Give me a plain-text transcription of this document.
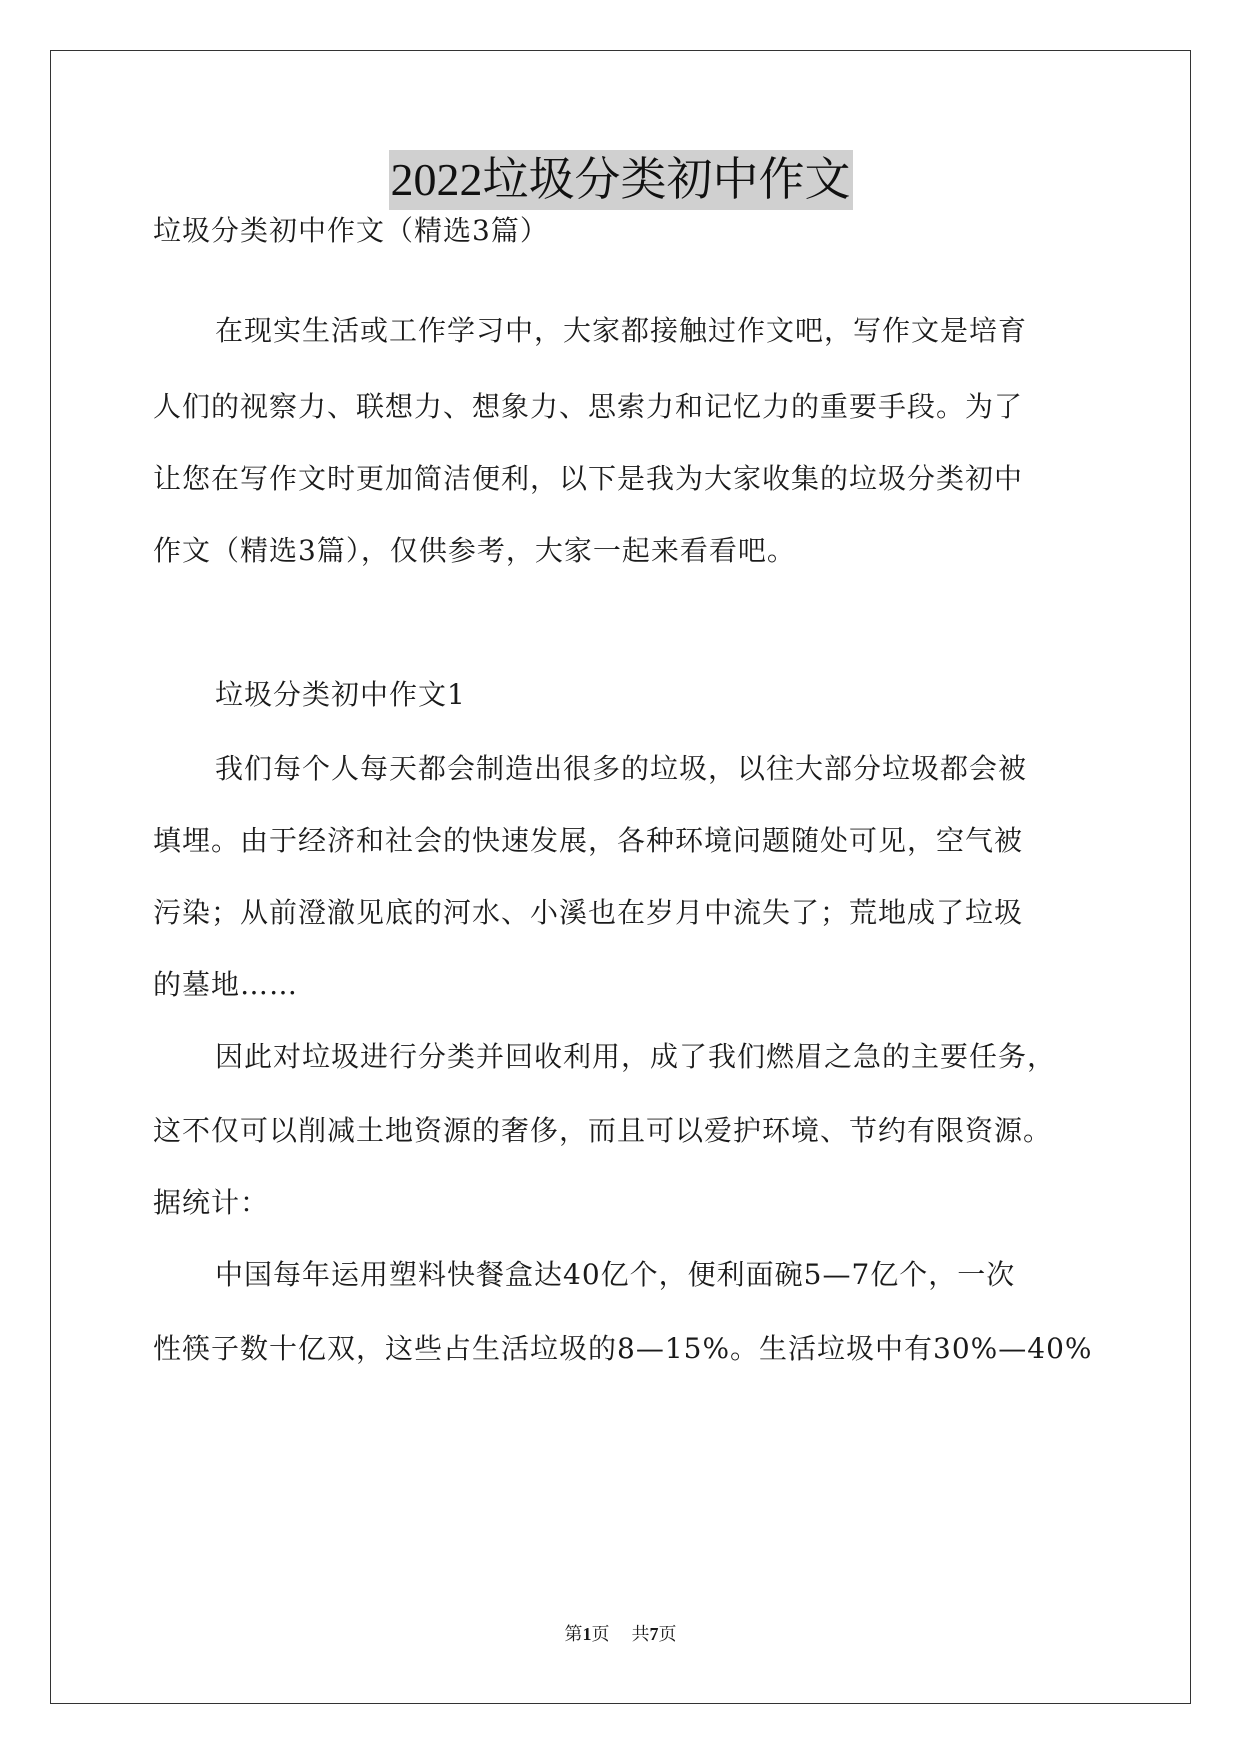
2022垃圾分类初中作文
垃圾分类初中作文（精选3篇）
在现实生活或工作学习中，大家都接触过作文吧，写作文是培育
人们的视察力、联想力、想象力、思索力和记忆力的重要手段。为了
让您在写作文时更加简洁便利，以下是我为大家收集的垃圾分类初中
作文（精选3篇），仅供参考，大家一起来看看吧。
垃圾分类初中作文1
我们每个人每天都会制造出很多的垃圾，以往大部分垃圾都会被
填埋。由于经济和社会的快速发展，各种环境问题随处可见，空气被
污染；从前澄澈见底的河水、小溪也在岁月中流失了；荒地成了垃圾
的墓地……
因此对垃圾进行分类并回收利用，成了我们燃眉之急的主要任务，
这不仅可以削减土地资源的奢侈，而且可以爱护环境、节约有限资源。
据统计：
中国每年运用塑料快餐盒达40亿个，便利面碗5—7亿个，一次
性筷子数十亿双，这些占生活垃圾的8—15%。生活垃圾中有30%—40%
第1页 共7页
